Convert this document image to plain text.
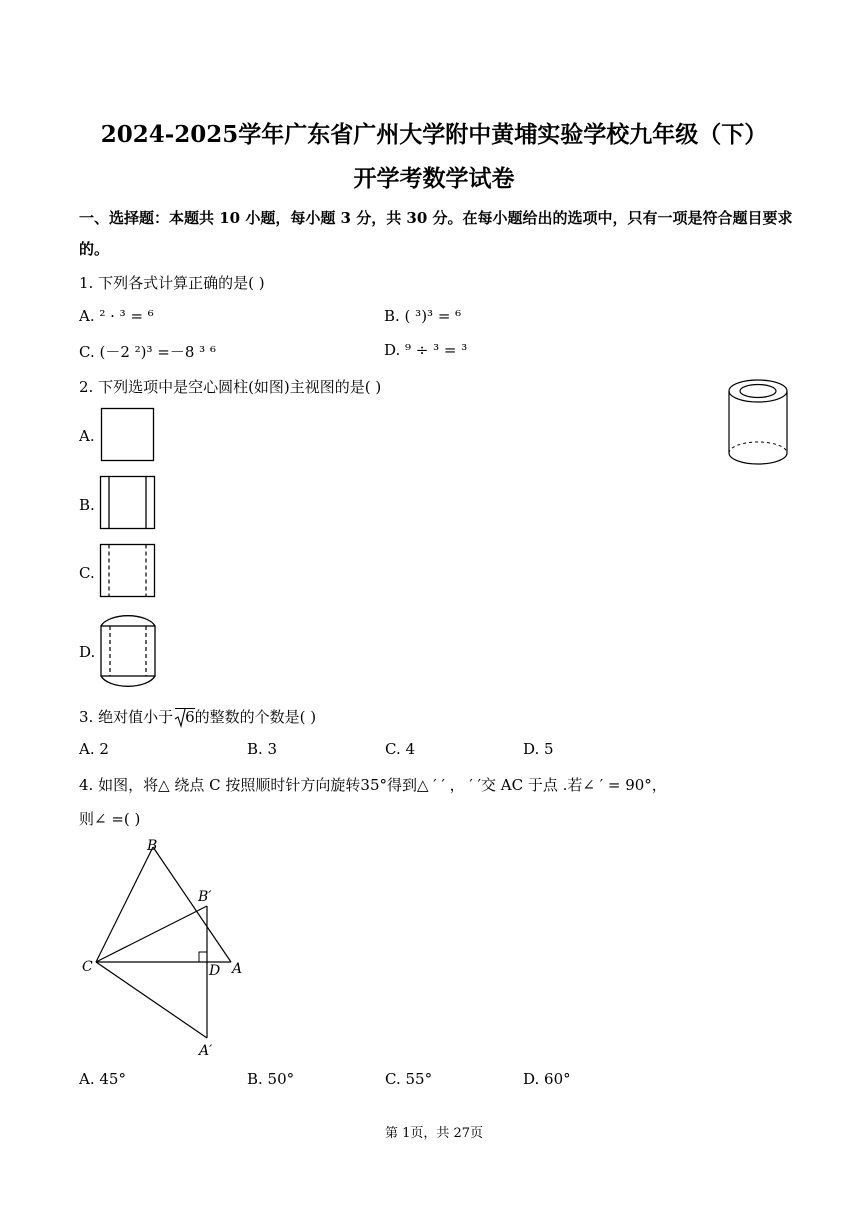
2024-2025学年广东省广州大学附中黄埔实验学校九年级（下）
开学考数学试卷
一、选择题：本题共 10 小题，每小题 3 分，共 30 分。在每小题给出的选项中，只有一项是符合题目要求
的。
1. 下列各式计算正确的是( )
A. ² · ³ = ⁶	B. ( ³)³ = ⁶
C. (－2 ²)³ =－8 ³ ⁶	D. ⁹ ÷ ³ = ³
2. 下列选项中是空心圆柱(如图)主视图的是( )
A.
B.
C.
D.
3. 绝对值小于 6的整数的个数是( )
A. 2	B. 3	C. 4	D. 5
4. 如图，将△ 绕点 C 按照顺时针方向旋转35°得到△ ′ ′ ， ′ ′交 AC 于点 .若∠ ′ = 90°，
则∠ =( )
B
B′
C	D A
A′
A. 45°	B. 50°	C. 55°	D. 60°
第 1页，共 27页
